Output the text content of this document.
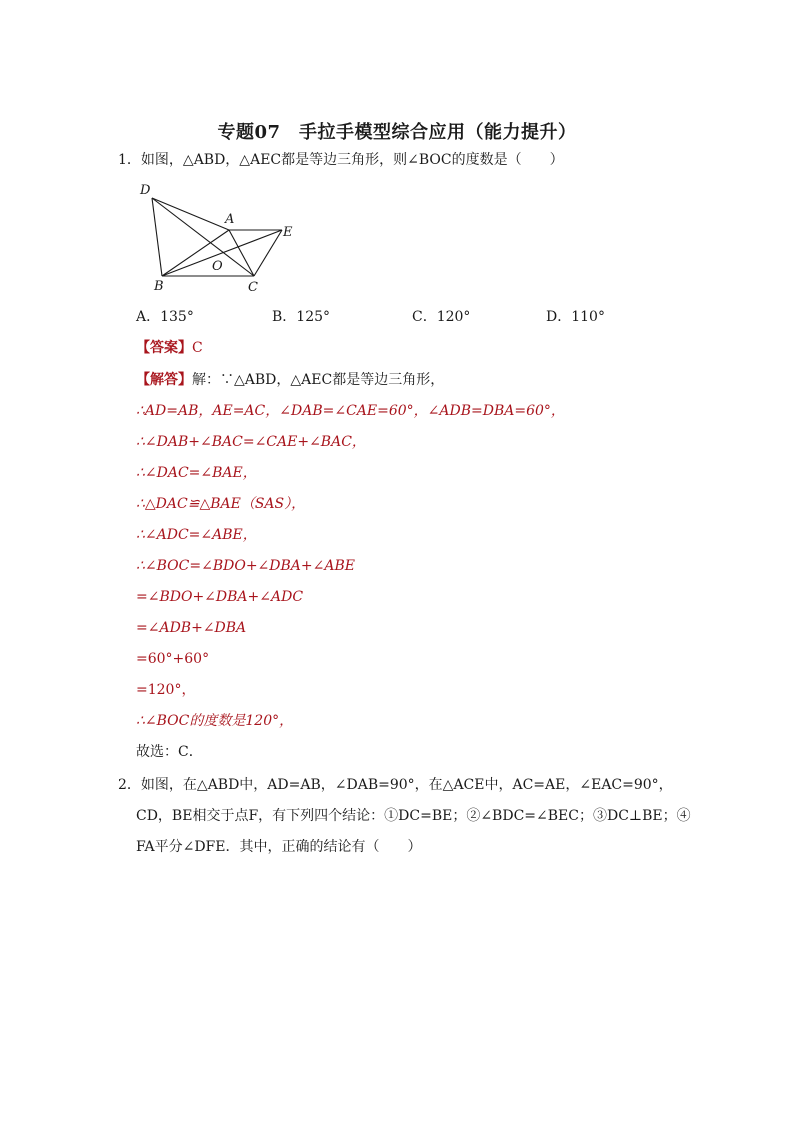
专题07　手拉手模型综合应用（能力提升）
1．如图，△ABD，△AEC都是等边三角形，则∠BOC的度数是（　　）
D
A
E
O
B	C
A．135°	B．125°	C．120°	D．110°
【答案】C
【解答】解：∵△ABD，△AEC都是等边三角形，
∴AD=AB，AE=AC，∠DAB=∠CAE=60°，∠ADB=DBA=60°，
∴∠DAB+∠BAC=∠CAE+∠BAC，
∴∠DAC=∠BAE，
∴△DAC≌△BAE（SAS），
∴∠ADC=∠ABE，
∴∠BOC=∠BDO+∠DBA+∠ABE
=∠BDO+∠DBA+∠ADC
=∠ADB+∠DBA
=60°+60°
=120°，
∴∠BOC的度数是120°，
故选：C．
2．如图，在△ABD中，AD=AB，∠DAB=90°，在△ACE中，AC=AE，∠EAC=90°，
CD，BE相交于点F，有下列四个结论：①DC=BE；②∠BDC=∠BEC；③DC⊥BE；④
FA平分∠DFE．其中，正确的结论有（　　）
